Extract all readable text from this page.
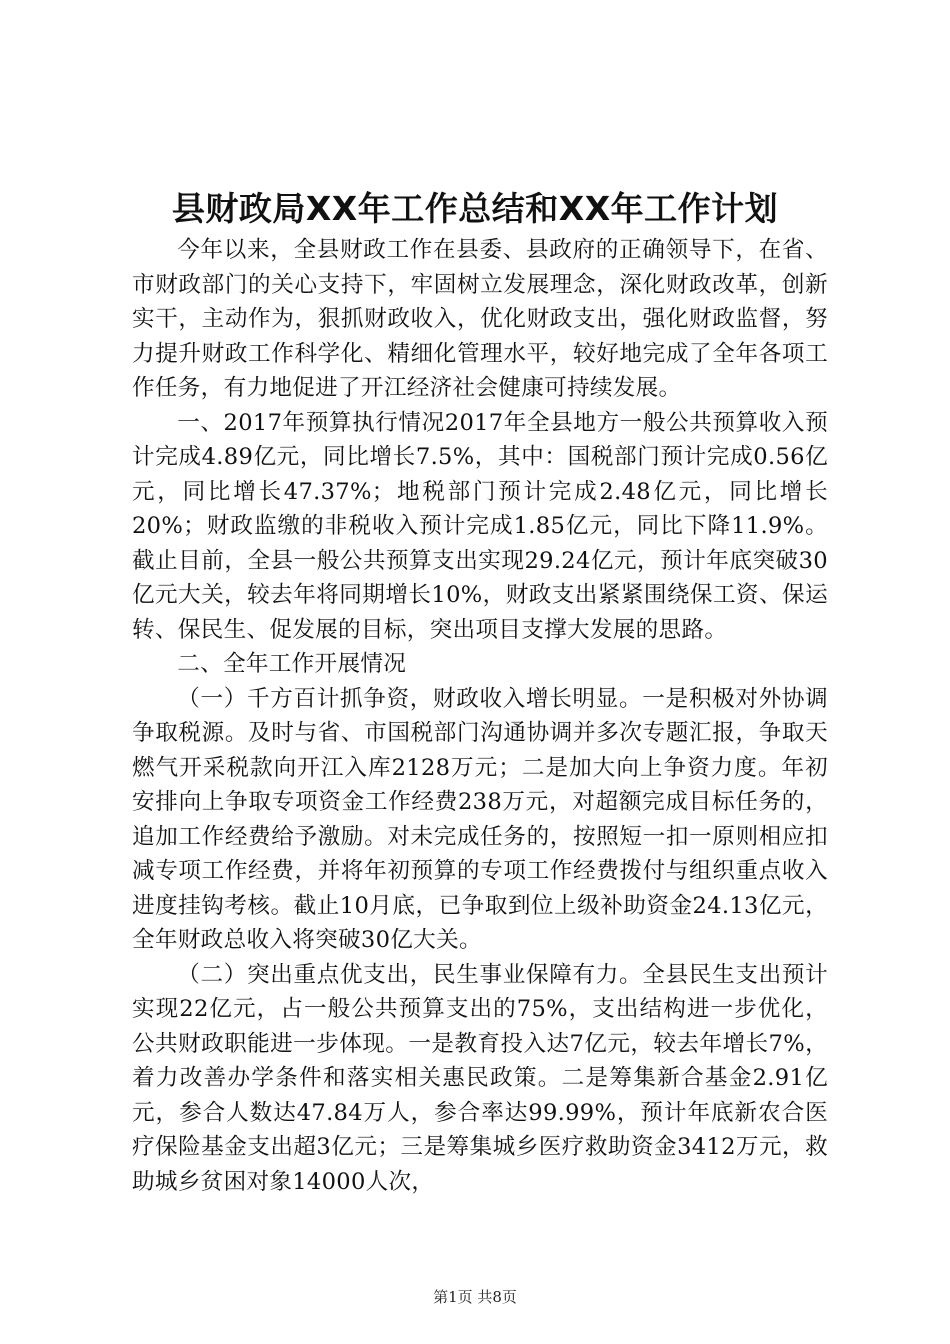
县财政局XX年工作总结和XX年工作计划

今年以来，全县财政工作在县委、县政府的正确领导下，在省、市财政部门的关心支持下，牢固树立发展理念，深化财政改革，创新实干，主动作为，狠抓财政收入，优化财政支出，强化财政监督，努力提升财政工作科学化、精细化管理水平，较好地完成了全年各项工作任务，有力地促进了开江经济社会健康可持续发展。

一、2017年预算执行情况2017年全县地方一般公共预算收入预计完成4.89亿元，同比增长7.5%，其中：国税部门预计完成0.56亿元，同比增长47.37%；地税部门预计完成2.48亿元，同比增长20%；财政监缴的非税收入预计完成1.85亿元，同比下降11.9%。截止目前，全县一般公共预算支出实现29.24亿元，预计年底突破30亿元大关，较去年将同期增长10%，财政支出紧紧围绕保工资、保运转、保民生、促发展的目标，突出项目支撑大发展的思路。

二、全年工作开展情况

（一）千方百计抓争资，财政收入增长明显。一是积极对外协调争取税源。及时与省、市国税部门沟通协调并多次专题汇报，争取天燃气开采税款向开江入库2128万元；二是加大向上争资力度。年初安排向上争取专项资金工作经费238万元，对超额完成目标任务的，追加工作经费给予激励。对未完成任务的，按照短一扣一原则相应扣减专项工作经费，并将年初预算的专项工作经费拨付与组织重点收入进度挂钩考核。截止10月底，已争取到位上级补助资金24.13亿元，全年财政总收入将突破30亿大关。

（二）突出重点优支出，民生事业保障有力。全县民生支出预计实现22亿元，占一般公共预算支出的75%，支出结构进一步优化，公共财政职能进一步体现。一是教育投入达7亿元，较去年增长7%，着力改善办学条件和落实相关惠民政策。二是筹集新合基金2.91亿元，参合人数达47.84万人，参合率达99.99%，预计年底新农合医疗保险基金支出超3亿元；三是筹集城乡医疗救助资金3412万元，救助城乡贫困对象14000人次，

第1页 共8页
